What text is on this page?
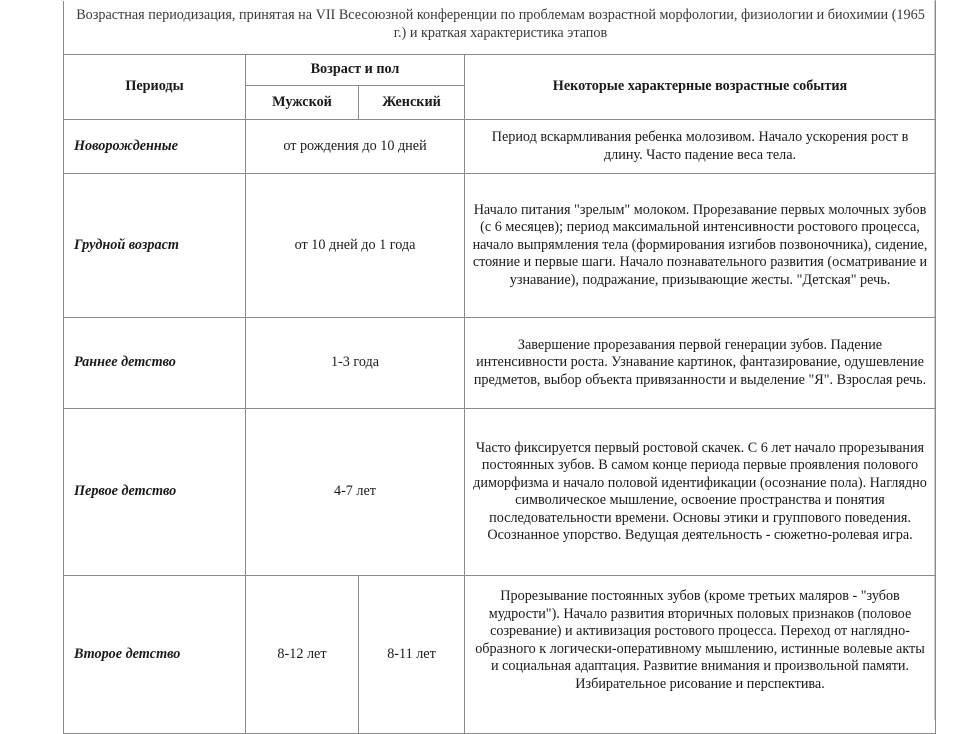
Возрастная периодизация, принятая на VII Всесоюзной конференции по проблемам возрастной морфологии, физиологии и биохимии (1965 г.) и краткая характеристика этапов			
Периоды	Возраст и пол		Некоторые характерные возрастные события
	Мужской	Женский	
Новорожденные	от рождения до 10 дней		Период вскармливания ребенка молозивом. Начало ускорения рост в длину. Часто падение веса тела.
Грудной возраст	от 10 дней до 1 года		Начало питания "зрелым" молоком. Прорезавание первых молочных зубов (с 6 месяцев); период максимальной интенсивности ростового процесса, начало выпрямления тела (формирования изгибов позвоночника), сидение, стояние и первые шаги. Начало познавательного развития (осматривание и узнавание), подражание, призывающие жесты. "Детская" речь.
Раннее детство	1-3 года		Завершение прорезавания первой генерации зубов. Падение интенсивности роста. Узнавание картинок, фантазирование, одушевление предметов, выбор объекта привязанности и выделение "Я". Взрослая речь.
Первое детство	4-7 лет		Часто фиксируется первый ростовой скачек. С 6 лет начало прорезывания постоянных зубов. В самом конце периода первые проявления полового диморфизма и начало половой идентификации (осознание пола). Наглядно символическое мышление, освоение пространства и понятия последовательности времени. Основы этики и группового поведения. Осознанное упорство. Ведущая деятельность - сюжетно-ролевая игра.
Второе детство	8-12 лет	8-11 лет	Прорезывание постоянных зубов (кроме третьих маляров - "зубов мудрости"). Начало развития вторичных половых признаков (половое созревание) и активизация ростового процесса. Переход от наглядно-образного к логически-оперативному мышлению, истинные волевые акты и социальная адаптация. Развитие внимания и произвольной памяти. Избирательное рисование и перспектива.
